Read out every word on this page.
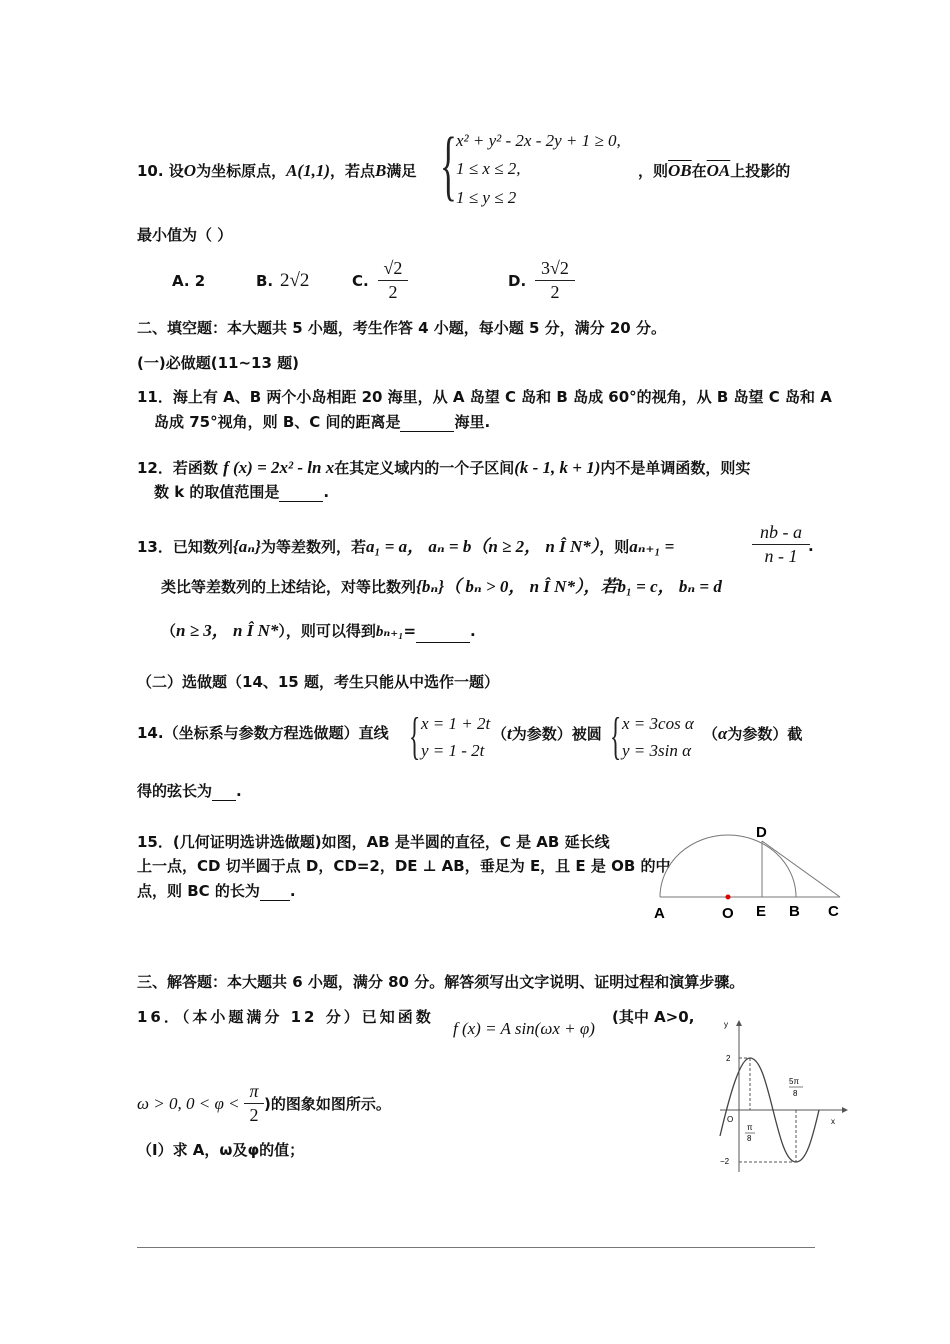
10. 设O为坐标原点，A(1,1)，若点B满足 { x² + y² - 2x - 2y + 1 ≥ 0,
1 ≤ x ≤ 2,
1 ≤ y ≤ 2
，则$\overline{OB}$在$\overline{OA}$上投影的
最小值为（ ）
A. 2	B. 2√2	C.
√2
2
D.
3√2
2
二、填空题：本大题共 5 小题，考生作答 4 小题，每小题 5 分，满分 20 分。
(一)必做题(11~13 题)
11．海上有 A、B 两个小岛相距 20 海里，从 A 岛望 C 岛和 B 岛成 60°的视角，从 B 岛望 C 岛和 A
岛成 75°视角，则 B、C 间的距离是	海里.
12．若函数 f (x) = 2x² - ln x在其定义域内的一个子区间(k - 1, k + 1)内不是单调函数，则实
数 k 的取值范围是	.
13．已知数列{aₙ}为等差数列，若a₁ = a， aₙ = b（n ≥ 2， n Î N*），则aₙ₊₁ =
nb - a
n - 1 .
类比等差数列的上述结论，对等比数列{bₙ}（ bₙ > 0， n Î N*），若b₁ = c， bₙ = d
（n ≥ 3， n Î N*），则可以得到bₙ₊₁=	.
（二）选做题（14、15 题，考生只能从中选作一题）
14.（坐标系与参数方程选做题）直线 { x = 1 + 2t
y = 1 - 2t
（t为参数）被圆 { x = 3cos α
y = 3sin α
（α为参数）截
得的弦长为 .
15．(几何证明选讲选做题)如图，AB 是半圆的直径，C 是 AB 延长线
上一点，CD 切半圆于点 D，CD=2，DE ⊥ AB，垂足为 E，且 E 是 OB 的中
点，则 BC 的长为 .
D
A	O E B C
三、解答题：本大题共 6 小题，满分 80 分。解答须写出文字说明、证明过程和演算步骤。
16．（本小题满分 12 分）已知函数
f (x) = A sin(ωx + φ)
(其中 A>0,
ω > 0, 0 < φ <
π
2
)的图象如图所示。
（Ⅰ）求 A，ω及φ的值；
y
x
O
2
−2
π
8
5π
8
